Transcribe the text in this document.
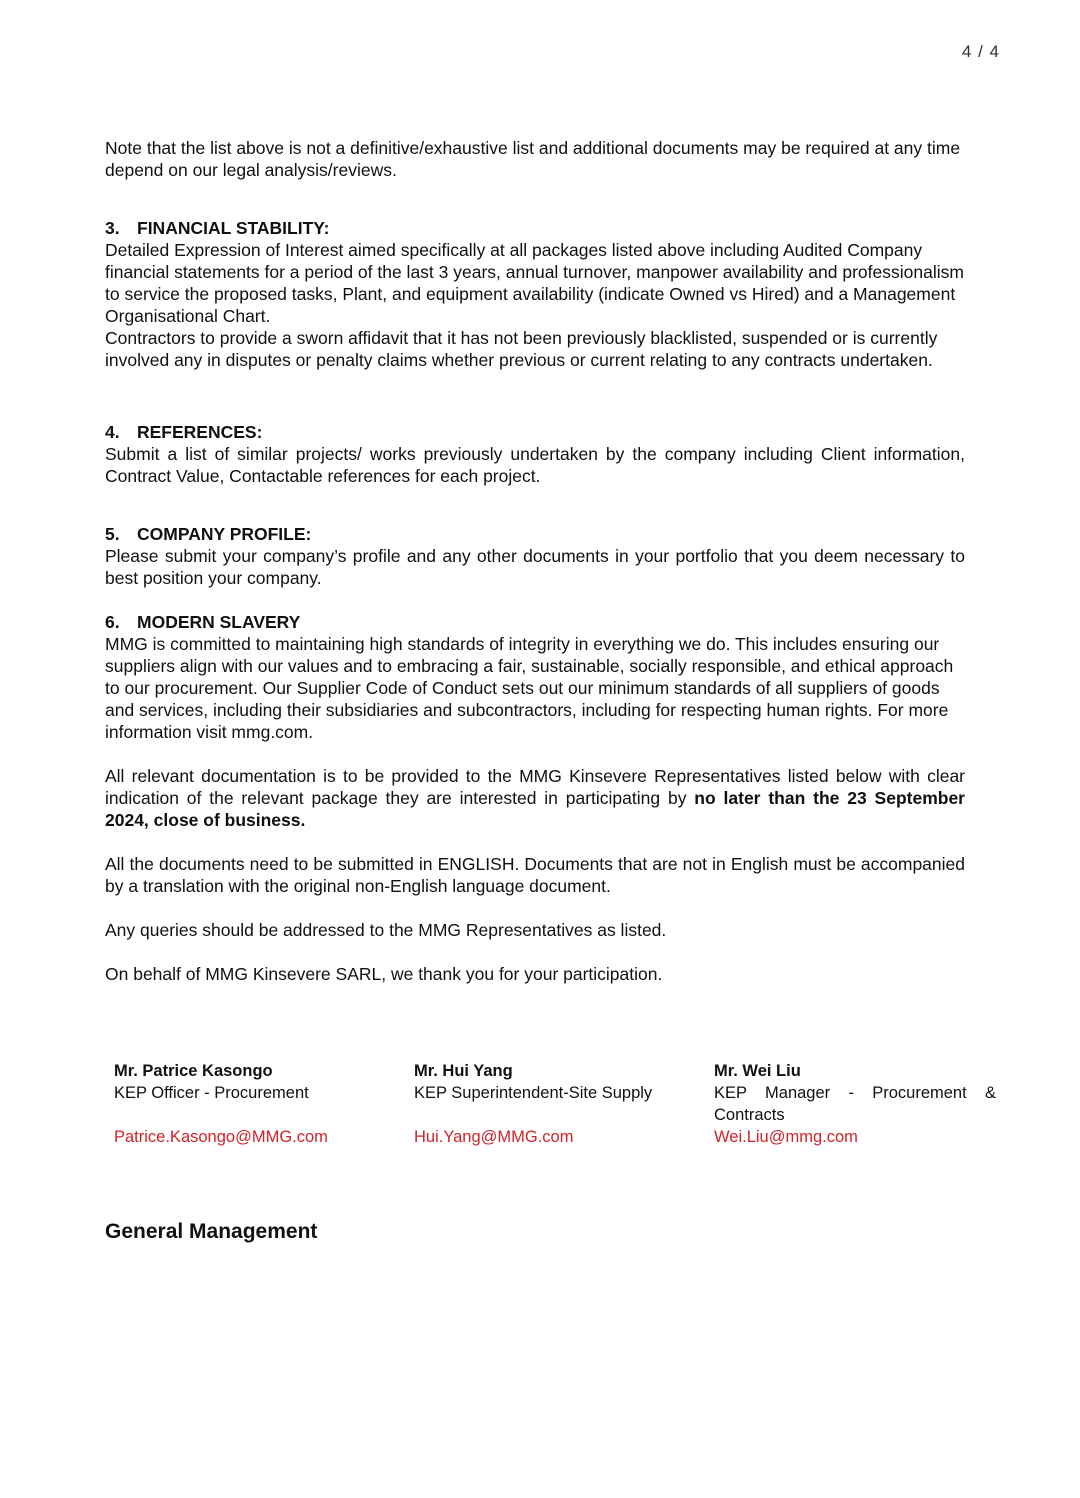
4 / 4

Note that the list above is not a definitive/exhaustive list and additional documents may be required at any time depend on our legal analysis/reviews.

3. FINANCIAL STABILITY:

Detailed Expression of Interest aimed specifically at all packages listed above including Audited Company financial statements for a period of the last 3 years, annual turnover, manpower availability and professionalism to service the proposed tasks, Plant, and equipment availability (indicate Owned vs Hired) and a Management Organisational Chart.

Contractors to provide a sworn affidavit that it has not been previously blacklisted, suspended or is currently involved any in disputes or penalty claims whether previous or current relating to any contracts undertaken.

4. REFERENCES:

Submit a list of similar projects/ works previously undertaken by the company including Client information, Contract Value, Contactable references for each project.

5. COMPANY PROFILE:

Please submit your company’s profile and any other documents in your portfolio that you deem necessary to best position your company.

6. MODERN SLAVERY

MMG is committed to maintaining high standards of integrity in everything we do. This includes ensuring our suppliers align with our values and to embracing a fair, sustainable, socially responsible, and ethical approach to our procurement. Our Supplier Code of Conduct sets out our minimum standards of all suppliers of goods and services, including their subsidiaries and subcontractors, including for respecting human rights. For more information visit mmg.com.

All relevant documentation is to be provided to the MMG Kinsevere Representatives listed below with clear indication of the relevant package they are interested in participating by no later than the 23 September 2024, close of business.

All the documents need to be submitted in ENGLISH. Documents that are not in English must be accompanied by a translation with the original non-English language document.

Any queries should be addressed to the MMG Representatives as listed.

On behalf of MMG Kinsevere SARL, we thank you for your participation.

Mr. Patrice Kasongo
KEP Officer - Procurement
Patrice.Kasongo@MMG.com
Mr. Hui Yang
KEP Superintendent-Site Supply
Hui.Yang@MMG.com
Mr. Wei Liu
KEP Manager - Procurement & Contracts
Wei.Liu@mmg.com
General Management
